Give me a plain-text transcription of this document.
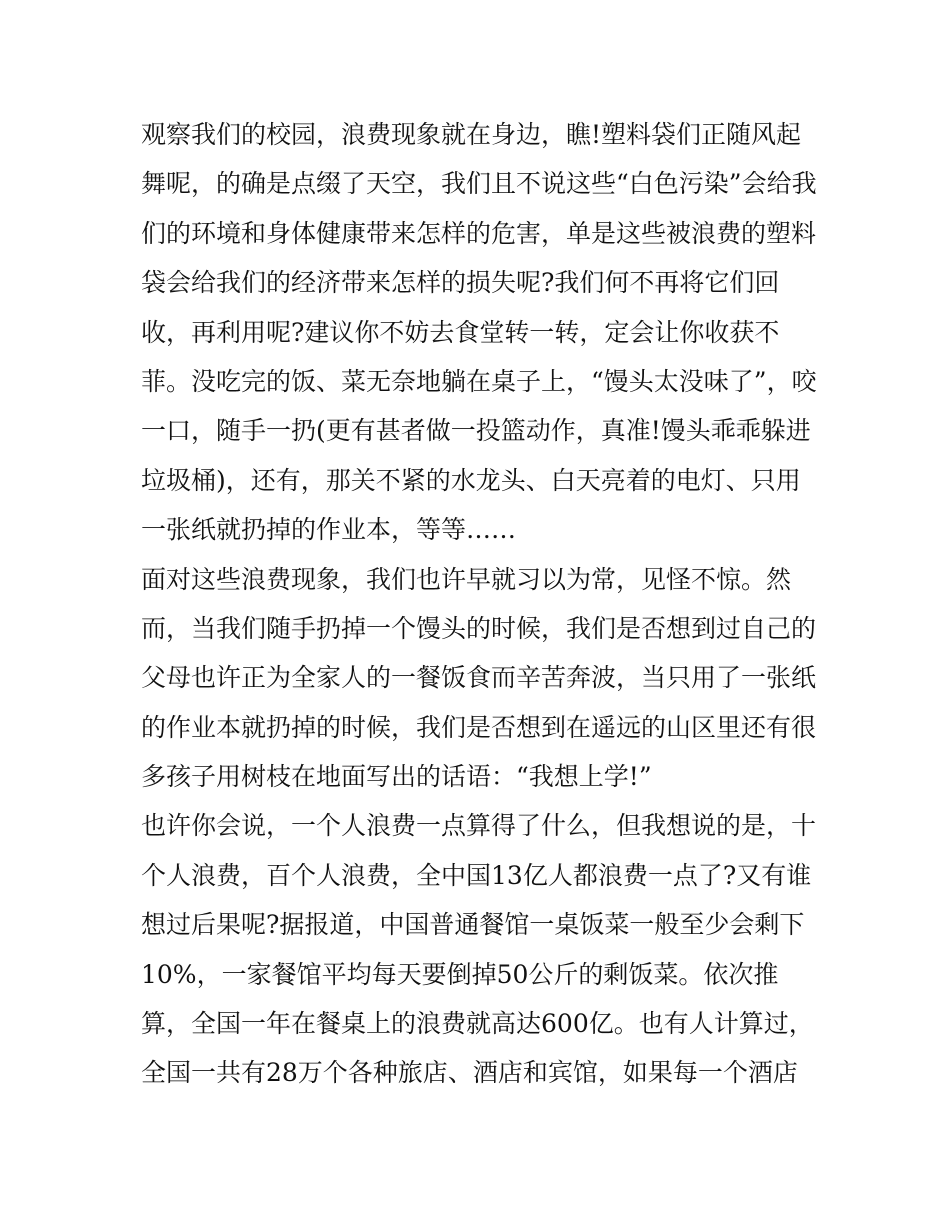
观察我们的校园，浪费现象就在身边，瞧!塑料袋们正随风起
舞呢，的确是点缀了天空，我们且不说这些“白色污染”会给我
们的环境和身体健康带来怎样的危害，单是这些被浪费的塑料
袋会给我们的经济带来怎样的损失呢?我们何不再将它们回
收，再利用呢?建议你不妨去食堂转一转，定会让你收获不
菲。没吃完的饭、菜无奈地躺在桌子上，“馒头太没味了”，咬
一口，随手一扔(更有甚者做一投篮动作，真准!馒头乖乖躲进
垃圾桶)，还有，那关不紧的水龙头、白天亮着的电灯、只用
一张纸就扔掉的作业本，等等……
面对这些浪费现象，我们也许早就习以为常，见怪不惊。然
而，当我们随手扔掉一个馒头的时候，我们是否想到过自己的
父母也许正为全家人的一餐饭食而辛苦奔波，当只用了一张纸
的作业本就扔掉的时候，我们是否想到在遥远的山区里还有很
多孩子用树枝在地面写出的话语：“我想上学!”
也许你会说，一个人浪费一点算得了什么，但我想说的是，十
个人浪费，百个人浪费，全中国13亿人都浪费一点了?又有谁
想过后果呢?据报道，中国普通餐馆一桌饭菜一般至少会剩下
10%，一家餐馆平均每天要倒掉50公斤的剩饭菜。依次推
算，全国一年在餐桌上的浪费就高达600亿。也有人计算过，
全国一共有28万个各种旅店、酒店和宾馆，如果每一个酒店
